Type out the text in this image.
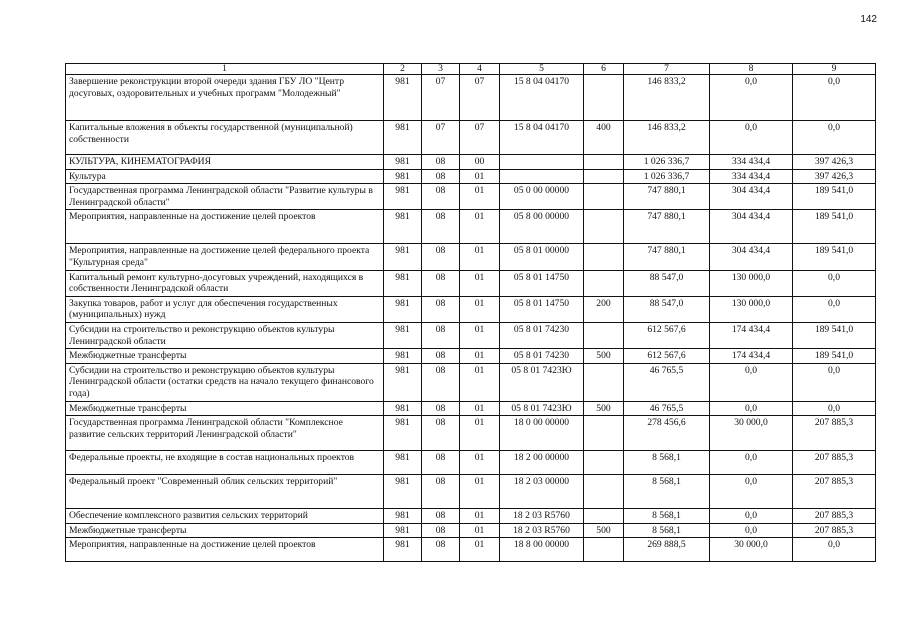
142
1	2	3	4	5	6	7	8	9
Завершение реконструкции второй очереди здания ГБУ ЛО "Центр досуговых, оздоровительных и учебных программ "Молодежный"	981	07	07	15 8 04 04170		146 833,2	0,0	0,0
Капитальные вложения в объекты государственной (муниципальной) собственности	981	07	07	15 8 04 04170	400	146 833,2	0,0	0,0
КУЛЬТУРА, КИНЕМАТОГРАФИЯ	981	08	00			1 026 336,7	334 434,4	397 426,3
Культура	981	08	01			1 026 336,7	334 434,4	397 426,3
Государственная программа Ленинградской области "Развитие культуры в Ленинградской области"	981	08	01	05 0 00 00000		747 880,1	304 434,4	189 541,0
Мероприятия, направленные на достижение целей проектов	981	08	01	05 8 00 00000		747 880,1	304 434,4	189 541,0
Мероприятия, направленные на достижение целей федерального проекта "Культурная среда"	981	08	01	05 8 01 00000		747 880,1	304 434,4	189 541,0
Капитальный ремонт культурно-досуговых учреждений, находящихся в собственности Ленинградской области	981	08	01	05 8 01 14750		88 547,0	130 000,0	0,0
Закупка товаров, работ и услуг для обеспечения государственных (муниципальных) нужд	981	08	01	05 8 01 14750	200	88 547,0	130 000,0	0,0
Субсидии на строительство и реконструкцию объектов культуры Ленинградской области	981	08	01	05 8 01 74230		612 567,6	174 434,4	189 541,0
Межбюджетные трансферты	981	08	01	05 8 01 74230	500	612 567,6	174 434,4	189 541,0
Субсидии на строительство и реконструкцию объектов культуры Ленинградской области (остатки средств на начало текущего финансового года)	981	08	01	05 8 01 7423Ю		46 765,5	0,0	0,0
Межбюджетные трансферты	981	08	01	05 8 01 7423Ю	500	46 765,5	0,0	0,0
Государственная программа Ленинградской области "Комплексное развитие сельских территорий Ленинградской области"	981	08	01	18 0 00 00000		278 456,6	30 000,0	207 885,3
Федеральные проекты, не входящие в состав национальных проектов	981	08	01	18 2 00 00000		8 568,1	0,0	207 885,3
Федеральный проект "Современный облик сельских территорий"	981	08	01	18 2 03 00000		8 568,1	0,0	207 885,3
Обеспечение комплексного развития сельских территорий	981	08	01	18 2 03 R5760		8 568,1	0,0	207 885,3
Межбюджетные трансферты	981	08	01	18 2 03 R5760	500	8 568,1	0,0	207 885,3
Мероприятия, направленные на достижение целей проектов	981	08	01	18 8 00 00000		269 888,5	30 000,0	0,0
